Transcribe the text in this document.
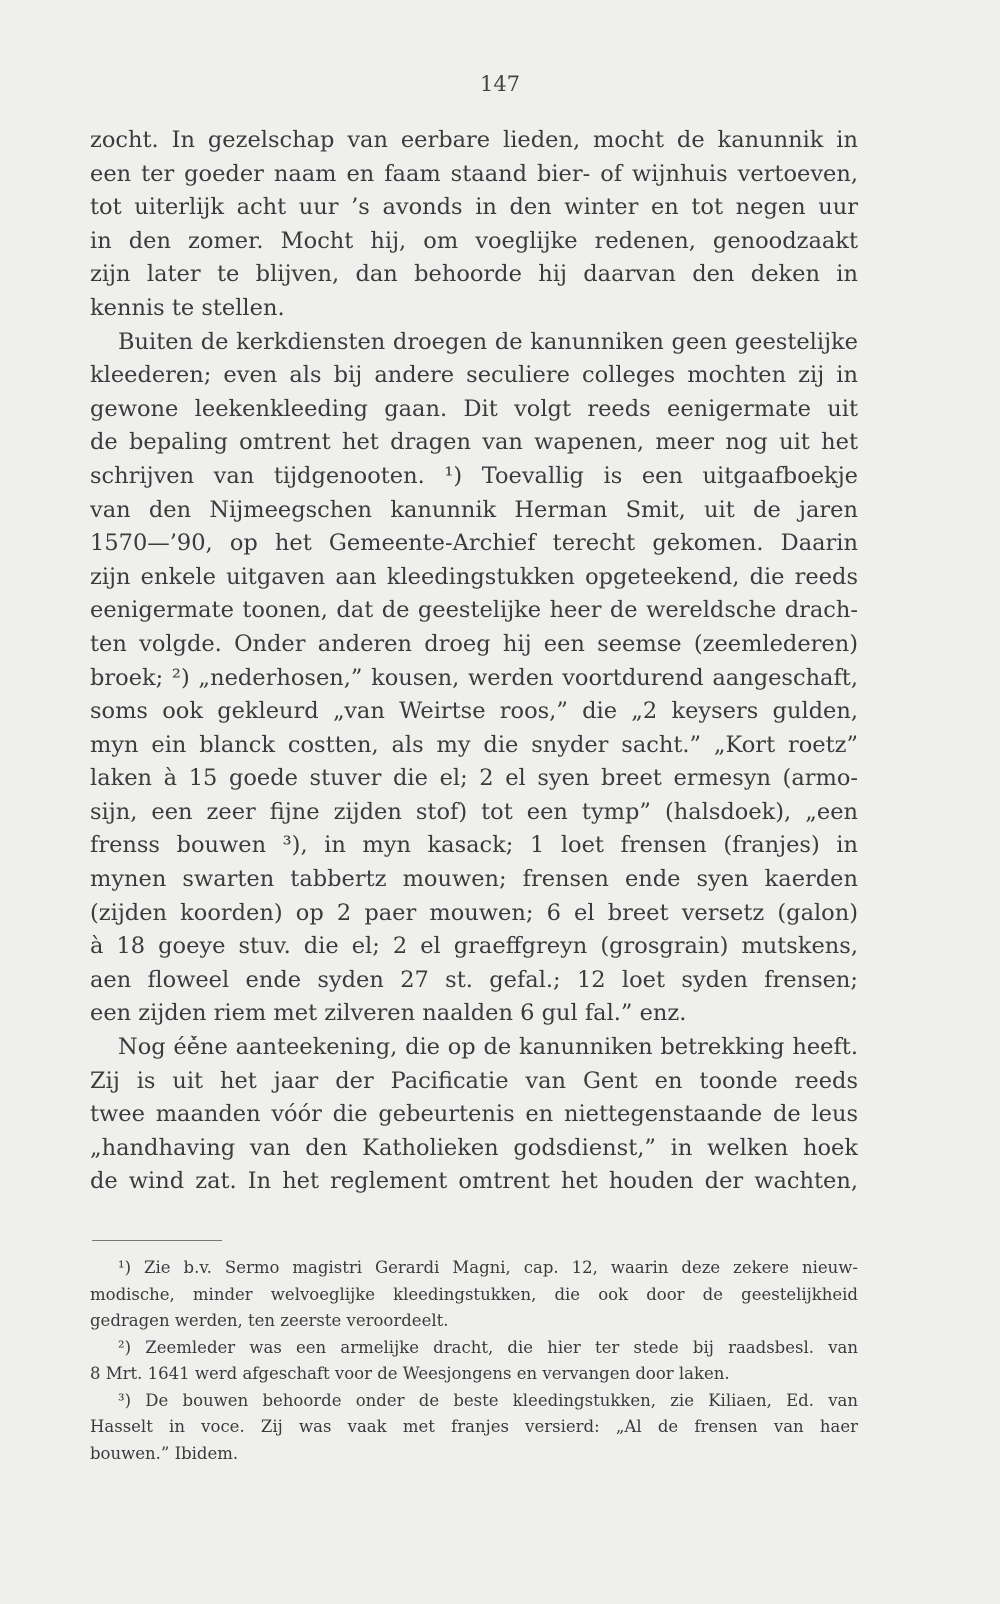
147
zocht. In gezelschap van eerbare lieden, mocht de kanunnik in
een ter goeder naam en faam staand bier- of wijnhuis vertoeven,
tot uiterlijk acht uur ’s avonds in den winter en tot negen uur
in den zomer. Mocht hij, om voeglijke redenen, genoodzaakt
zijn later te blijven, dan behoorde hij daarvan den deken in
kennis te stellen.
Buiten de kerkdiensten droegen de kanunniken geen geestelijke
kleederen; even als bij andere seculiere colleges mochten zij in
gewone leekenkleeding gaan. Dit volgt reeds eenigermate uit
de bepaling omtrent het dragen van wapenen, meer nog uit het
schrijven van tijdgenooten. ¹) Toevallig is een uitgaafboekje
van den Nijmeegschen kanunnik Herman Smit, uit de jaren
1570—’90, op het Gemeente-Archief terecht gekomen. Daarin
zijn enkele uitgaven aan kleedingstukken opgeteekend, die reeds
eenigermate toonen, dat de geestelijke heer de wereldsche drach-
ten volgde. Onder anderen droeg hij een seemse (zeemlederen)
broek; ²) „nederhosen,” kousen, werden voortdurend aangeschaft,
soms ook gekleurd „van Weirtse roos,” die „2 keysers gulden,
myn ein blanck costten, als my die snyder sacht.” „Kort roetz”
laken à 15 goede stuver die el; 2 el syen breet ermesyn (armo-
sijn, een zeer fijne zijden stof) tot een tymp” (halsdoek), „een
frenss bouwen ³), in myn kasack; 1 loet frensen (franjes) in
mynen swarten tabbertz mouwen; frensen ende syen kaerden
(zijden koorden) op 2 paer mouwen; 6 el breet versetz (galon)
à 18 goeye stuv. die el; 2 el graeffgreyn (grosgrain) mutskens,
aen floweel ende syden 27 st. gefal.; 12 loet syden frensen;
een zijden riem met zilveren naalden 6 gul fal.” enz.
Nog éé̀ne aanteekening, die op de kanunniken betrekking heeft.
Zij is uit het jaar der Pacificatie van Gent en toonde reeds
twee maanden vóór die gebeurtenis en niettegenstaande de leus
„handhaving van den Katholieken godsdienst,” in welken hoek
de wind zat. In het reglement omtrent het houden der wachten,
¹) Zie b.v. Sermo magistri Gerardi Magni, cap. 12, waarin deze zekere nieuw-
modische, minder welvoeglijke kleedingstukken, die ook door de geestelijkheid
gedragen werden, ten zeerste veroordeelt.
²) Zeemleder was een armelijke dracht, die hier ter stede bij raadsbesl. van
8 Mrt. 1641 werd afgeschaft voor de Weesjongens en vervangen door laken.
³) De bouwen behoorde onder de beste kleedingstukken, zie Kiliaen, Ed. van
Hasselt in voce. Zij was vaak met franjes versierd: „Al de frensen van haer
bouwen.” Ibidem.
